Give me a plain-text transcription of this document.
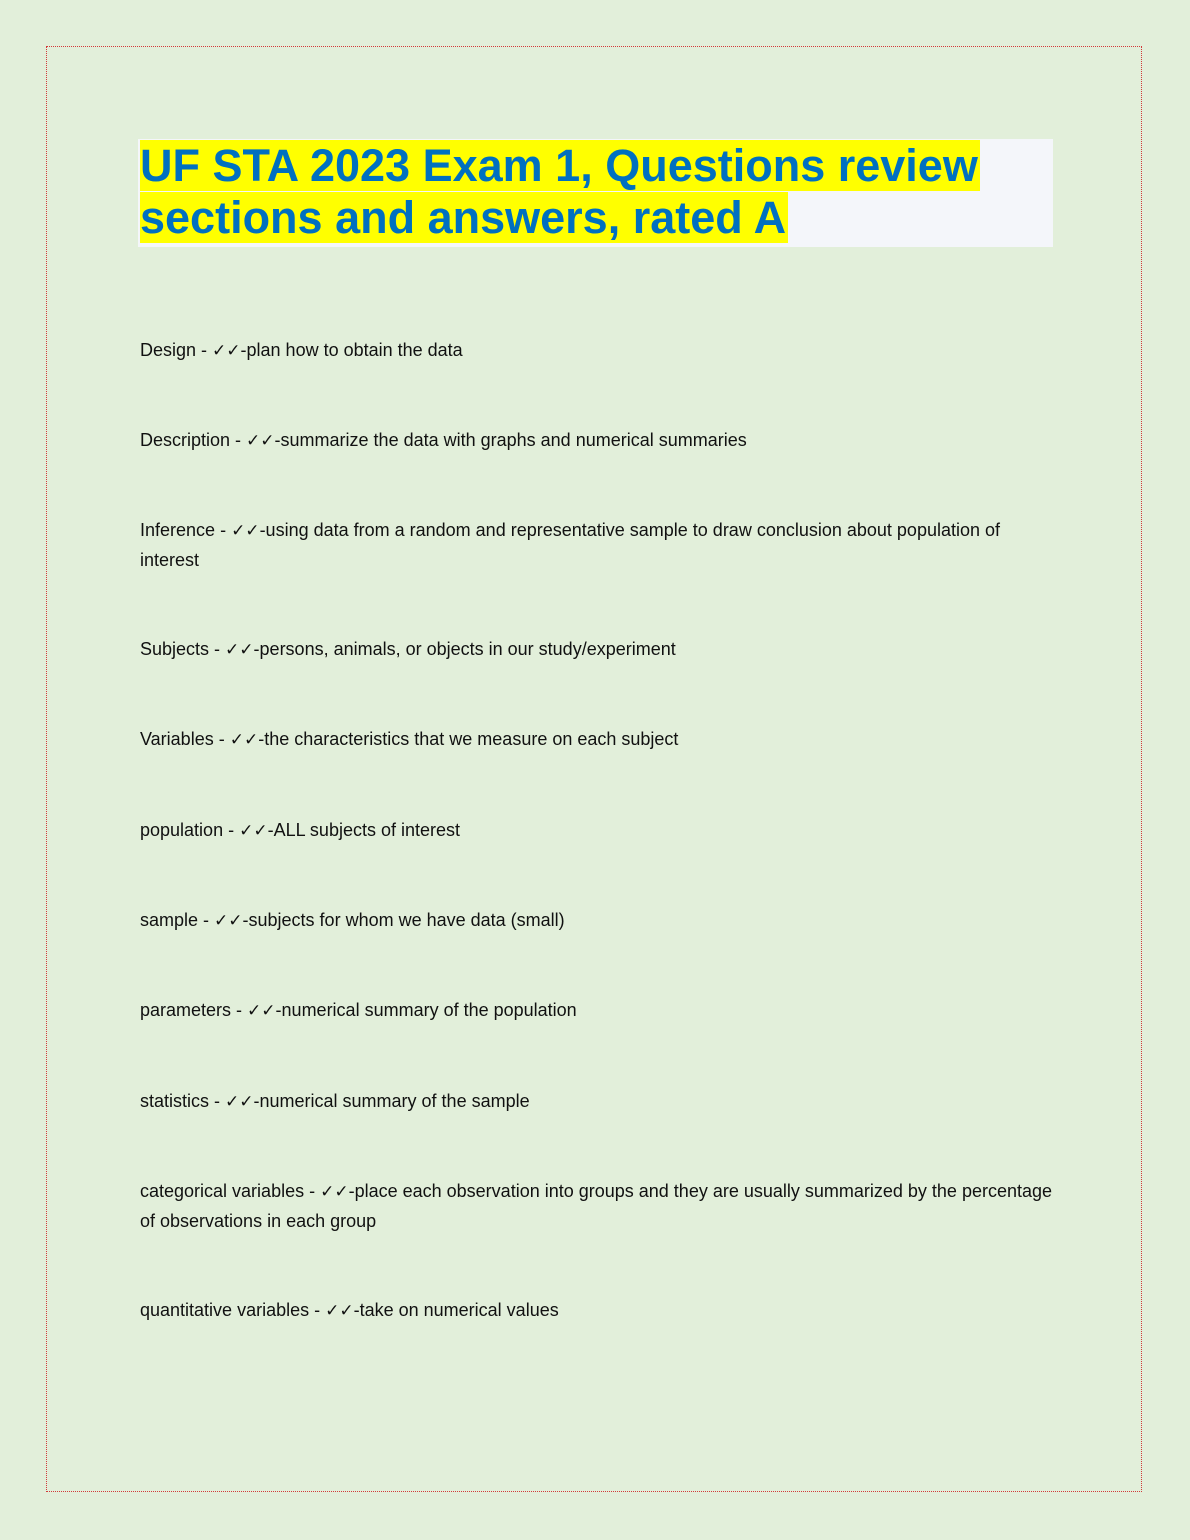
UF STA 2023 Exam 1, Questions review
sections and answers, rated A

Design - ✓✓-plan how to obtain the data

Description - ✓✓-summarize the data with graphs and numerical summaries

Inference - ✓✓-using data from a random and representative sample to draw conclusion about population of interest

Subjects - ✓✓-persons, animals, or objects in our study/experiment

Variables - ✓✓-the characteristics that we measure on each subject

population - ✓✓-ALL subjects of interest

sample - ✓✓-subjects for whom we have data (small)

parameters - ✓✓-numerical summary of the population

statistics - ✓✓-numerical summary of the sample

categorical variables - ✓✓-place each observation into groups and they are usually summarized by the percentage of observations in each group

quantitative variables - ✓✓-take on numerical values
